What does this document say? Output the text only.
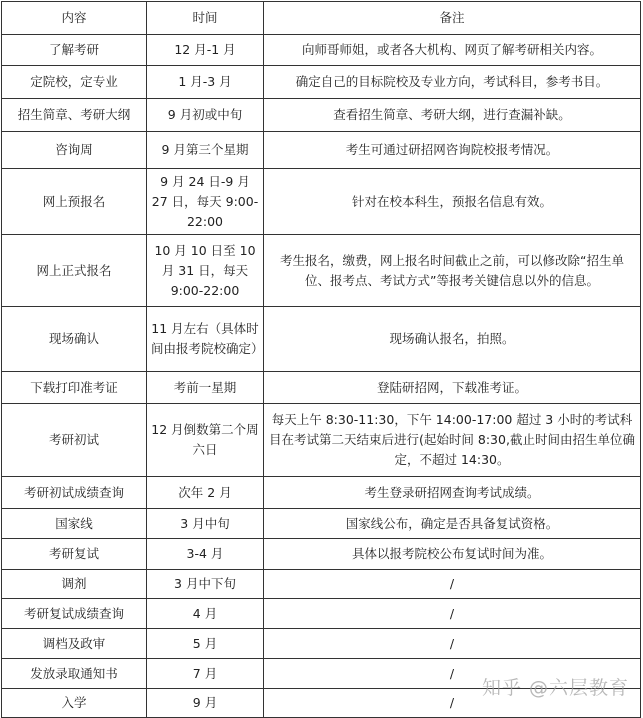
内容	时间	备注
了解考研	12 月-1 月	向师哥师姐，或者各大机构、网页了解考研相关内容。
定院校，定专业	1 月-3 月	确定自己的目标院校及专业方向，考试科目，参考书目。
招生简章、考研大纲	9 月初或中旬	查看招生简章、考研大纲，进行查漏补缺。
咨询周	9 月第三个星期	考生可通过研招网咨询院校报考情况。
网上预报名	9 月 24 日-9 月 27 日，每天 9:00-22:00	针对在校本科生，预报名信息有效。
网上正式报名	10 月 10 日至 10 月 31 日，每天 9:00-22:00	考生报名，缴费，网上报名时间截止之前，可以修改除“招生单位、报考点、考试方式”等报考关键信息以外的信息。
现场确认	11 月左右（具体时间由报考院校确定）	现场确认报名，拍照。
下载打印准考证	考前一星期	登陆研招网，下载准考证。
考研初试	12 月倒数第二个周六日	每天上午 8:30-11:30，下午 14:00-17:00 超过 3 小时的考试科目在考试第二天结束后进行(起始时间 8:30,截止时间由招生单位确定，不超过 14:30。
考研初试成绩查询	次年 2 月	考生登录研招网查询考试成绩。
国家线	3 月中旬	国家线公布，确定是否具备复试资格。
考研复试	3-4 月	具体以报考院校公布复试时间为准。
调剂	3 月中下旬	/
考研复试成绩查询	4 月	/
调档及政审	5 月	/
发放录取通知书	7 月	/
入学	9 月	/
知乎 @六层教育
